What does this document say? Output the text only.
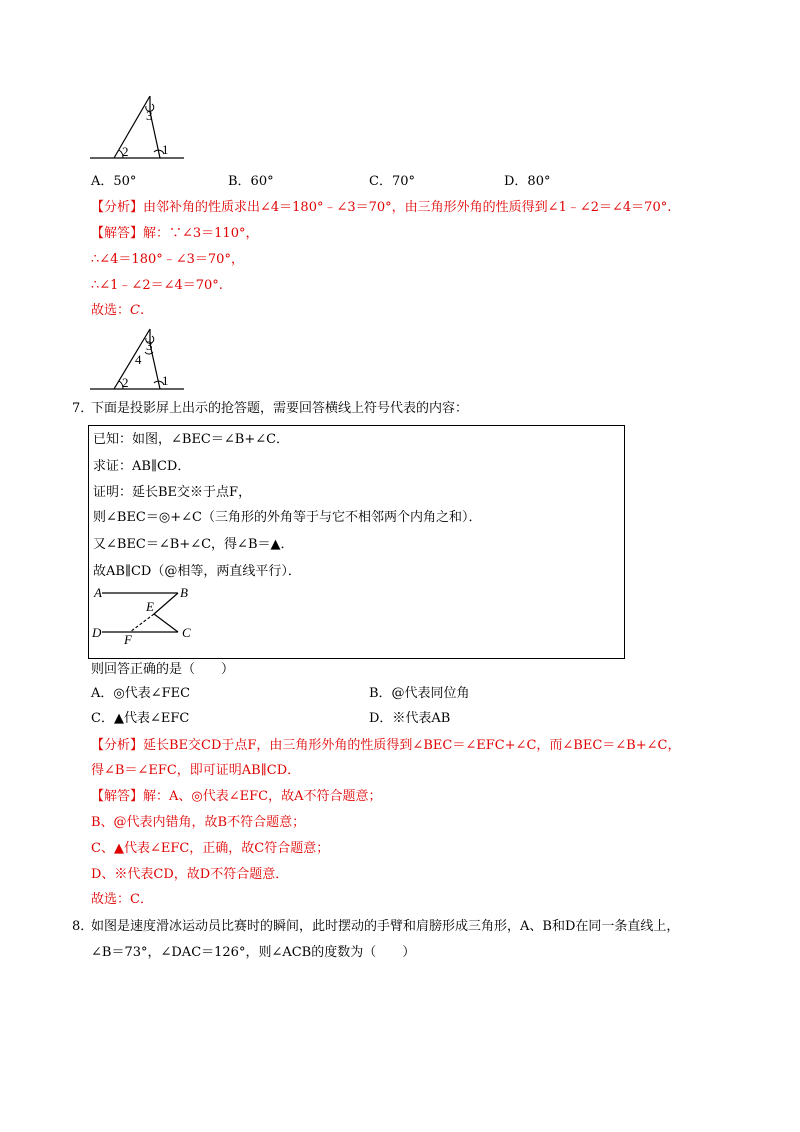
2	1
3
A．50°	B．60°	C．70°	D．80°
【分析】由邻补角的性质求出∠4＝180°﹣∠3＝70°，由三角形外角的性质得到∠1﹣∠2＝∠4＝70°.
【解答】解：∵∠3＝110°，
∴∠4＝180°﹣∠3＝70°，
∴∠1﹣∠2＝∠4＝70°.
故选：C.
2	1
3
4
7．
下面是投影屏上出示的抢答题，需要回答横线上符号代表的内容：
已知：如图，∠BEC＝∠B+∠C．
求证：AB∥CD．
证明：延长BE交※于点F，
则∠BEC＝◎+∠C（三角形的外角等于与它不相邻两个内角之和）．
又∠BEC＝∠B+∠C，得∠B＝▲．
故AB∥CD（@相等，两直线平行）．
A	B
E
D F	C
则回答正确的是（　　）
A．◎代表∠FEC	B．@代表同位角
C．▲代表∠EFC	D．※代表AB
【分析】延长BE交CD于点F，由三角形外角的性质得到∠BEC＝∠EFC+∠C，而∠BEC＝∠B+∠C，
得∠B＝∠EFC，即可证明AB∥CD．
【解答】解：A、◎代表∠EFC，故A不符合题意；
B、@代表内错角，故B不符合题意；
C、▲代表∠EFC，正确，故C符合题意；
D、※代表CD，故D不符合题意．
故选：C．
8．
如图是速度滑冰运动员比赛时的瞬间，此时摆动的手臂和肩膀形成三角形，A、B和D在同一条直线上，
∠B＝73°，∠DAC＝126°，则∠ACB的度数为（　　）
